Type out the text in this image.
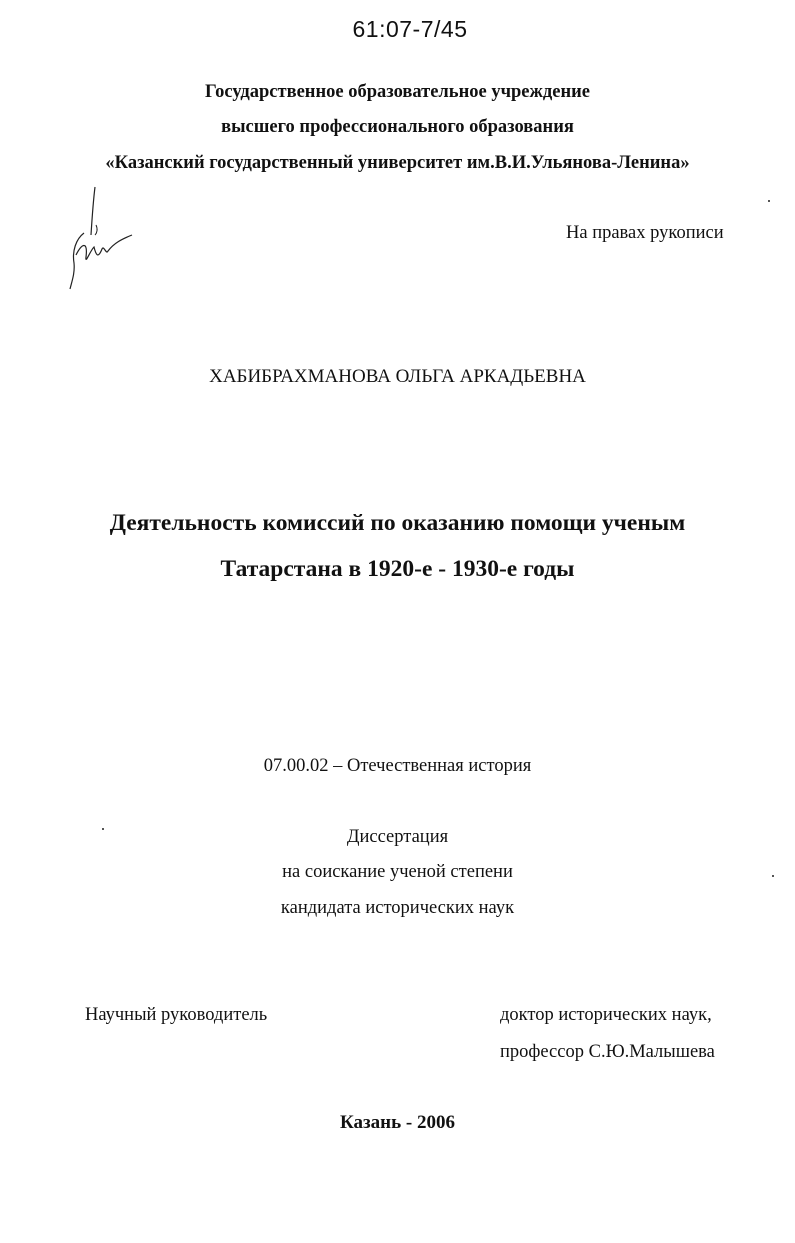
61:07-7/45
Государственное образовательное учреждение
высшего профессионального образования
«Казанский государственный университет им.В.И.Ульянова-Ленина»
На правах рукописи
ХАБИБРАХМАНОВА ОЛЬГА АРКАДЬЕВНА
Деятельность комиссий по оказанию помощи ученым
Татарстана в 1920-е - 1930-е годы
07.00.02 – Отечественная история
Диссертация
на соискание ученой степени
кандидата исторических наук
Научный руководитель	доктор исторических наук,
профессор С.Ю.Малышева
Казань - 2006
